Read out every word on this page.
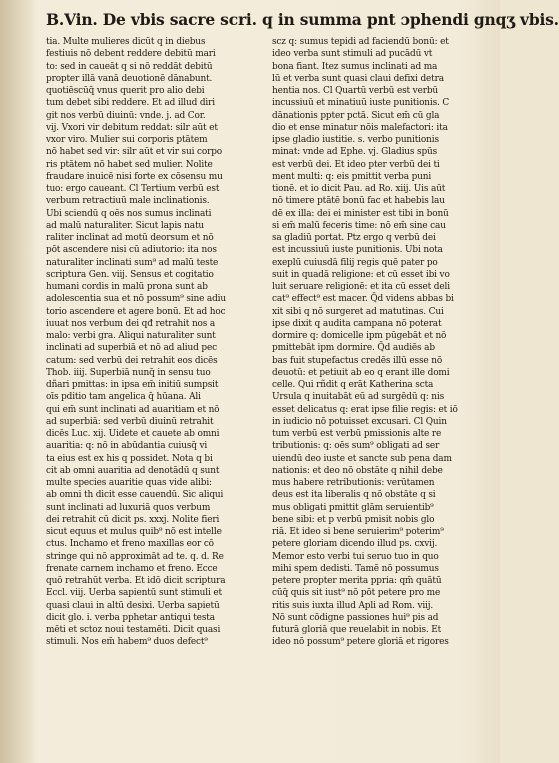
B.Vin. De vbis sacre scri. q in summa pnt ɔphendi gnqʒ vbis.
tia. Multe mulieres dicūt q in diebus
festiuis nō debent reddere debitū mari
to: sed in caueāt q si nō reddāt debitū
propter illā vanā deuotionē dānabunt.
quotiēscūq̄ vnus querit pro alio debi
tum debet sibi reddere. Et ad illud diri
git nos verbū diuinū: vnde. j. ad Cor.
vij. Vxori vir debitum reddat: silr aūt et
vxor viro. Mulier sui corporis ptātem
nō habet sed vir: silr aūt et vir sui corpo
ris ptātem nō habet sed mulier. Nolite
fraudare inuicē nisi forte ex cōsensu mu
tuo: ergo caueant. Cl Tertium verbū est
verbum retractiuū male inclinationis.
Ubi sciendū q oēs nos sumus inclinati
ad malū naturaliter. Sicut lapis natu
raliter inclinat ad motū deorsum et nō
pōt ascendere nisi cū adiutorio: ita nos
naturaliter inclinati sum⁹ ad malū teste
scriptura Gen. viij. Sensus et cogitatio
humani cordis in malū prona sunt ab
adolescentia sua et nō possum⁹ sine adiu
torio ascendere et agere bonū. Et ad hoc
iuuat nos verbum dei qđ retrahit nos a
malo: verbi gra. Aliqui naturaliter sunt
inclinati ad superbiā et nō ad aliud pec
catum: sed verbū dei retrahit eos dicēs
Thob. iiij. Superbiā nunq̄ in sensu tuo
dñari pmittas: in ipsa em̄ initiū sumpsit
oīs pditio tam angelica q̄ hūana. Ali
qui em̄ sunt inclinati ad auaritiam et nō
ad superbiā: sed verbū diuinū retrahit
dicēs Luc. xij. Uidete et cauete ab omni
auaritia: q: nō in abūdantia cuiusq̄ vi
ta eius est ex his q possidet. Nota q bi
cit ab omni auaritia ad denotādū q sunt
multe species auaritie quas vide alibi:
ab omni th dicit esse cauendū. Sic aliqui
sunt inclinati ad luxuriā quos verbum
dei retrahit cū dicit ps. xxxj. Nolite fieri
sicut equus et mulus quib⁹ nō est intelle
ctus. Inchamo et freno maxillas eor cō
stringe qui nō approximāt ad te. q. d. Re
frenate carnem inchamo et freno. Ecce
quō retrahūt verba. Et idō dicit scriptura
Eccl. viij. Uerba sapientū sunt stimuli et
quasi claui in altū desixi. Uerba sapietū
dicit glo. i. verba pphetar antiqui testa
mēti et sctoz noui testamēti. Dicit quasi
stimuli. Nos em̄ habem⁹ duos defect⁹
scz q: sumus tepidi ad faciendū bonū: et
ideo verba sunt stimuli ad pucādū vt
bona fiant. Itez sumus inclinati ad ma
lū et verba sunt quasi claui defixi detra
hentia nos. Cl Quartū verbū est verbū
incussiuū et minatiuū iuste punitionis. C
dānationis ppter pctā. Sicut em̄ cū gla
dio et ense minatur nōis malefactori: ita
ipse gladio iustitie. s. verbo punitionis
minat: vnde ad Ephe. vj. Gladius spūs
est verbū dei. Et ideo pter verbū dei ti
ment multi: q: eis pmittit verba puni
tionē. et io dicit Pau. ad Ro. xiij. Uis aūt
nō timere ptātē bonū fac et habebis lau
dē ex illa: dei ei minister est tibi in bonū
si em̄ malū feceris time: nō em̄ sine cau
sa gladiū portat. Ptz ergo q verbū dei
est incussiuū iuste punitionis. Ubi nota
exeplū cuiusdā filij regis quē pater po
suit in quadā religione: et cū esset ibi vo
luit seruare religionē: et ita cū esset deli
cat⁹ effect⁹ est macer. Q̄d videns abbas bi
xit sibi q nō surgeret ad matutinas. Cui
ipse dixit q audita campana nō poterat
dormire q: domicelle ipm pūgebāt et nō
pmittebāt ipm dormire. Q̄d audiēs ab
bas fuit stupefactus credēs illū esse nō
deuotū: et petiuit ab eo q erant ille domi
celle. Qui rñdit q erāt Katherina scta
Ursula q inuitabāt eū ad surgēdū q: nis
esset delicatus q: erat ipse filie regis: et iō
in iudicio nō potuisset excusari. Cl Quin
tum verbū est verbū pmissionis alte re
tributionis: q: oēs sum⁹ obligati ad ser
uiendū deo iuste et sancte sub pena dam
nationis: et deo nō obstāte q nihil debe
mus habere retributionis: verūtamen
deus est ita liberalis q nō obstāte q si
mus obligati pmittit glām seruientib⁹
bene sibi: et p verbū pmisit nobis glo
riā. Et ideo si bene seruierim⁹ poterim⁹
petere gloriam dicendo illud ps. cxvij.
Memor esto verbi tui seruo tuo in quo
mihi spem dedisti. Tamē nō possumus
petere propter merita ppria: qm̄ quātū
cūq̄ quis sit iust⁹ nō pōt petere pro me
ritis suis iuxta illud Apli ad Rom. viij.
Nō sunt cōdigne passiones hui⁹ pis ad
futurā gloriā que reuelabit in nobis. Et
ideo nō possum⁹ petere gloriā et rigores
